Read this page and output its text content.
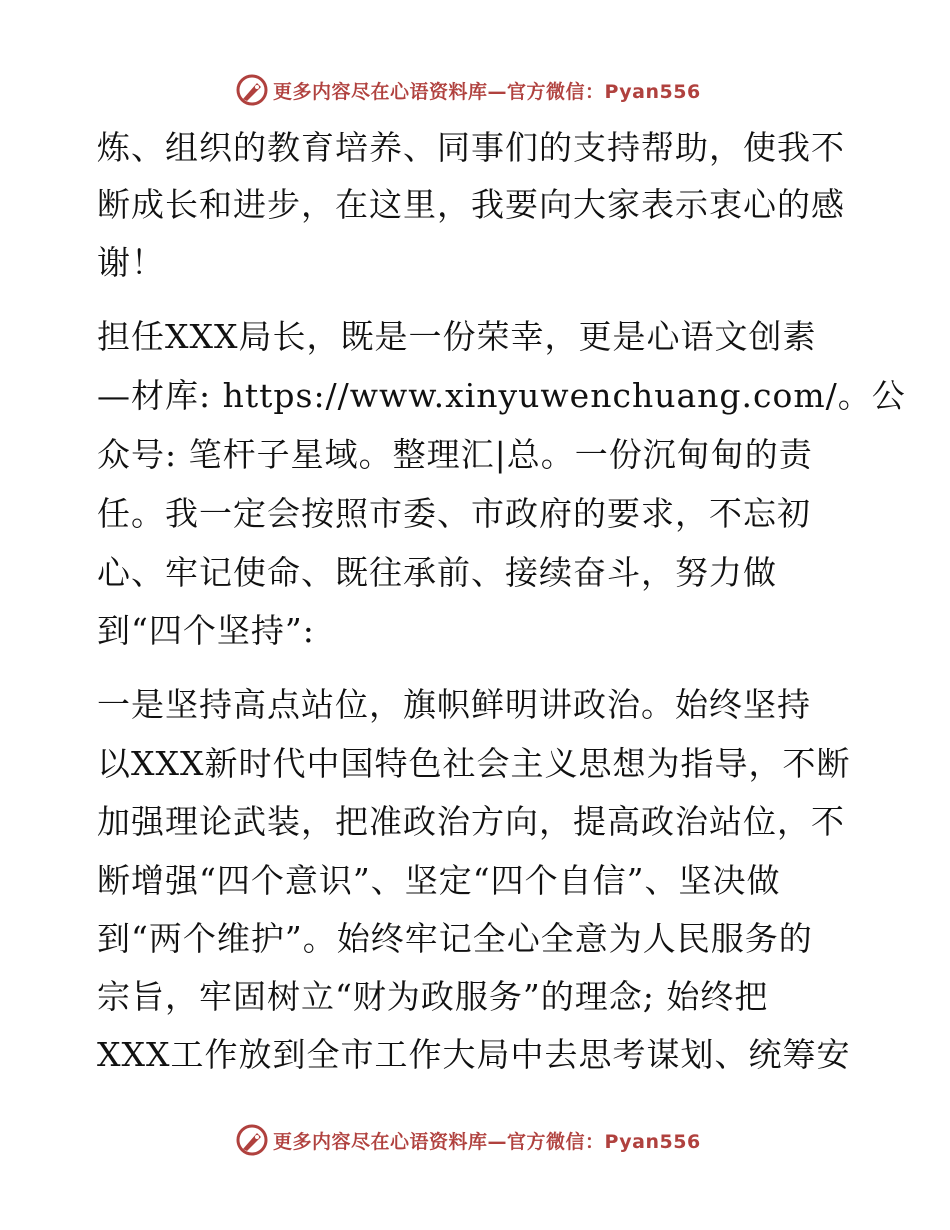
更多内容尽在心语资料库— 官方微信：Pyan556
炼、组织的教育培养、同事们的支持帮助，使我不
断成长和进步，在这里，我要向大家表示衷心的感
谢！
担任XXX局长，既是一份荣幸，更是心语文创素
—材库: https://www.xinyuwenchuang.com/。公
众号: 笔杆子星域。整理汇|总。一份沉甸甸的责
任。我一定会按照市委、市政府的要求，不忘初
心、牢记使命、既往承前、接续奋斗，努力做
到“四个坚持”:
一是坚持高点站位，旗帜鲜明讲政治。始终坚持
以XXX新时代中国特色社会主义思想为指导，不断
加强理论武装，把准政治方向，提高政治站位，不
断增强“四个意识”、坚定“四个自信”、坚决做
到“两个维护”。始终牢记全心全意为人民服务的
宗旨，牢固树立“财为政服务”的理念; 始终把
XXX工作放到全市工作大局中去思考谋划、统筹安
更多内容尽在心语资料库— 官方微信：Pyan556
